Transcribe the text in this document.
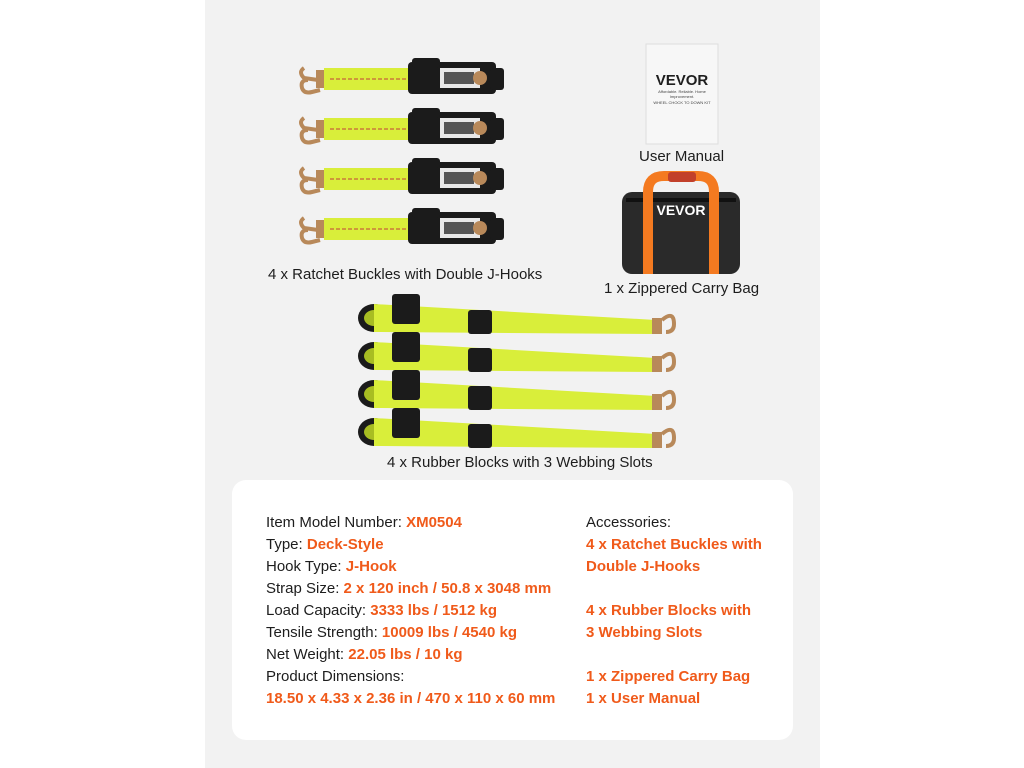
4 x Ratchet Buckles with Double J-Hooks
VEVOR
Affordable. Reliable. Home Improvement.
WHEEL CHOCK TO DOWN KIT
User Manual
VEVOR
1 x Zippered Carry Bag
4 x Rubber Blocks with 3 Webbing Slots
Item Model Number: XM0504
Type: Deck-Style
Hook Type: J-Hook
Strap Size: 2 x 120 inch / 50.8 x 3048 mm
Load Capacity: 3333 lbs / 1512 kg
Tensile Strength: 10009 lbs / 4540 kg
Net Weight: 22.05 lbs / 10 kg
Product Dimensions:
18.50 x 4.33 x 2.36 in / 470 x 110 x 60 mm
Accessories:
4 x Ratchet Buckles with
Double J-Hooks
4 x Rubber Blocks with
3 Webbing Slots
1 x Zippered Carry Bag
1 x User Manual
